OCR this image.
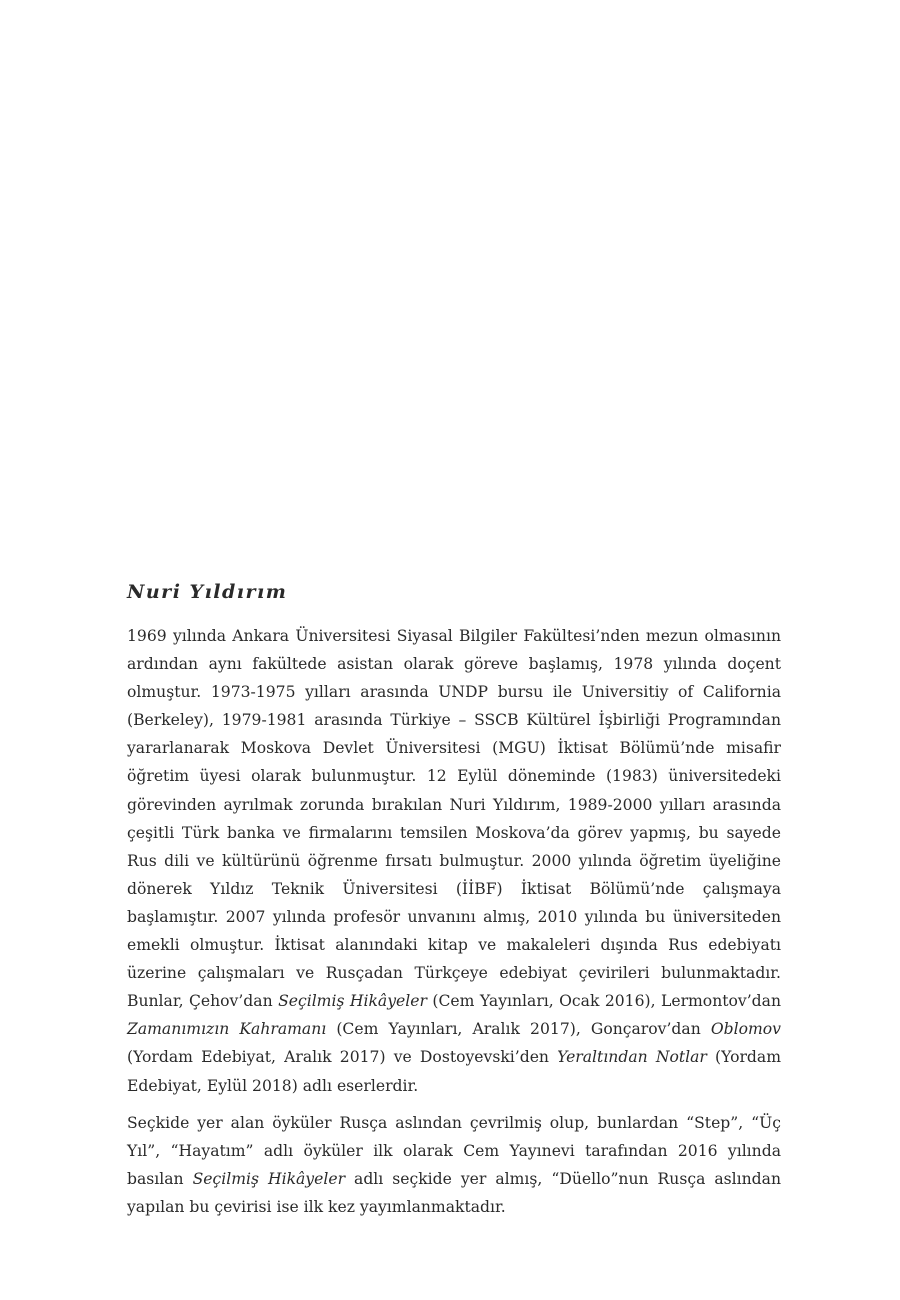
Nuri Yıldırım

1969 yılında Ankara Üniversitesi Siyasal Bilgiler Fakültesi’nden mezun olmasının ardından aynı fakültede asistan olarak göreve başlamış, 1978 yılında doçent olmuştur. 1973-1975 yılları arasında UNDP bursu ile Universitiy of California (Berkeley), 1979-1981 arasında Türkiye – SSCB Kültürel İşbirliği Programından yararlanarak Moskova Devlet Üniversitesi (MGU) İktisat Bölümü’nde misafir öğretim üyesi olarak bulunmuştur. 12 Eylül döneminde (1983) üniversitedeki görevinden ayrılmak zorunda bırakılan Nuri Yıldırım, 1989-2000 yılları arasında çeşitli Türk banka ve firmalarını temsilen Moskova’da görev yapmış, bu sayede Rus dili ve kültürünü öğrenme fırsatı bulmuştur. 2000 yılında öğretim üyeliğine dönerek Yıldız Teknik Üniversitesi (İİBF) İktisat Bölümü’nde çalışmaya başlamıştır. 2007 yılında profesör unvanını almış, 2010 yılında bu üniversiteden emekli olmuştur. İktisat alanındaki kitap ve makaleleri dışında Rus edebiyatı üzerine çalışmaları ve Rusçadan Türkçeye edebiyat çevirileri bulunmaktadır. Bunlar, Çehov’dan Seçilmiş Hikâyeler (Cem Yayınları, Ocak 2016), Lermontov’dan Zamanımızın Kahramanı (Cem Yayınları, Aralık 2017), Gonçarov’dan Oblomov (Yordam Edebiyat, Aralık 2017) ve Dostoyevski’den Yeraltından Notlar (Yordam Edebiyat, Eylül 2018) adlı eserlerdir.

Seçkide yer alan öyküler Rusça aslından çevrilmiş olup, bunlardan “Step”, “Üç Yıl”, “Hayatım” adlı öyküler ilk olarak Cem Yayınevi tarafından 2016 yılında basılan Seçilmiş Hikâyeler adlı seçkide yer almış, “Düello”nun Rusça aslından yapılan bu çevirisi ise ilk kez yayımlanmaktadır.
